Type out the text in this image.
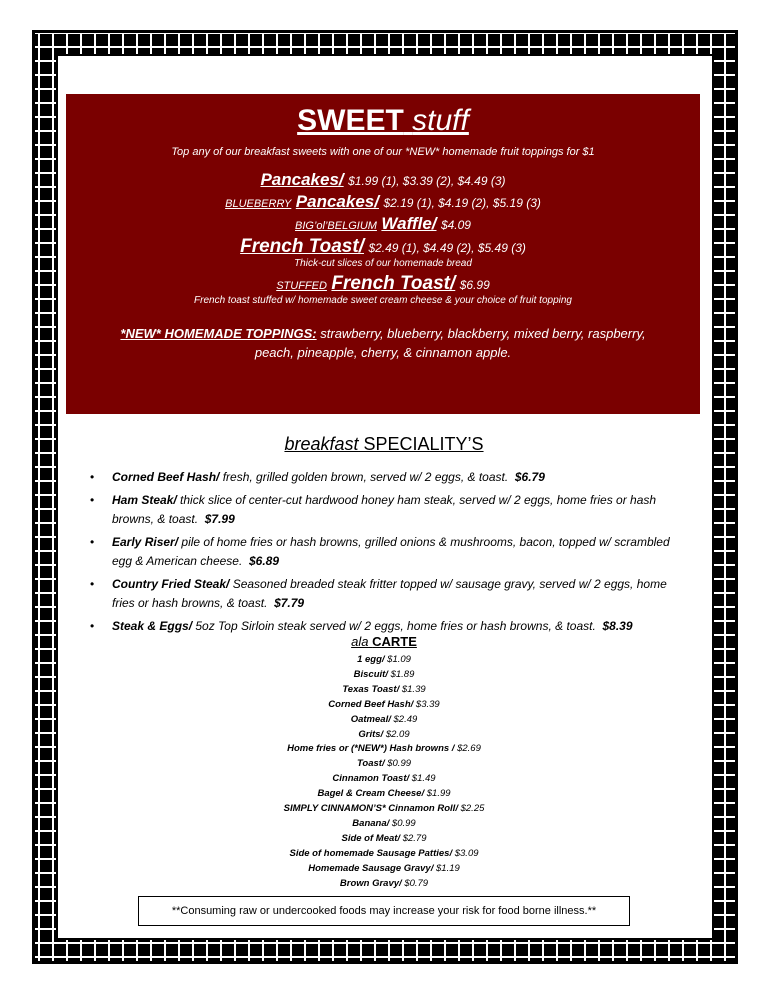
SWEET stuff
Top any of our breakfast sweets with one of our *NEW* homemade fruit toppings for $1
Pancakes/ $1.99 (1), $3.39 (2), $4.49 (3)
BLUEBERRY Pancakes/ $2.19 (1), $4.19 (2), $5.19 (3)
BIG’ol’BELGIUM Waffle/ $4.09
French Toast/ $2.49 (1), $4.49 (2), $5.49 (3)
Thick-cut slices of our homemade bread
STUFFED French Toast/ $6.99
French toast stuffed w/ homemade sweet cream cheese & your choice of fruit topping
*NEW* HOMEMADE TOPPINGS: strawberry, blueberry, blackberry, mixed berry, raspberry,
peach, pineapple, cherry, & cinnamon apple.
breakfast SPECIALITY’S
• Corned Beef Hash/ fresh, grilled golden brown, served w/ 2 eggs, & toast. $6.79
• Ham Steak/ thick slice of center-cut hardwood honey ham steak, served w/ 2 eggs, home fries or hash browns, & toast. $7.99
• Early Riser/ pile of home fries or hash browns, grilled onions & mushrooms, bacon, topped w/ scrambled egg & American cheese. $6.89
• Country Fried Steak/ Seasoned breaded steak fritter topped w/ sausage gravy, served w/ 2 eggs, home fries or hash browns, & toast. $7.79
• Steak & Eggs/ 5oz Top Sirloin steak served w/ 2 eggs, home fries or hash browns, & toast. $8.39
ala CARTE
1 egg/ $1.09
Biscuit/ $1.89
Texas Toast/ $1.39
Corned Beef Hash/ $3.39
Oatmeal/ $2.49
Grits/ $2.09
Home fries or (*NEW*) Hash browns / $2.69
Toast/ $0.99
Cinnamon Toast/ $1.49
Bagel & Cream Cheese/ $1.99
SIMPLY CINNAMON’S* Cinnamon Roll/ $2.25
Banana/ $0.99
Side of Meat/ $2.79
Side of homemade Sausage Patties/ $3.09
Homemade Sausage Gravy/ $1.19
Brown Gravy/ $0.79
**Consuming raw or undercooked foods may increase your risk for food borne illness.**
